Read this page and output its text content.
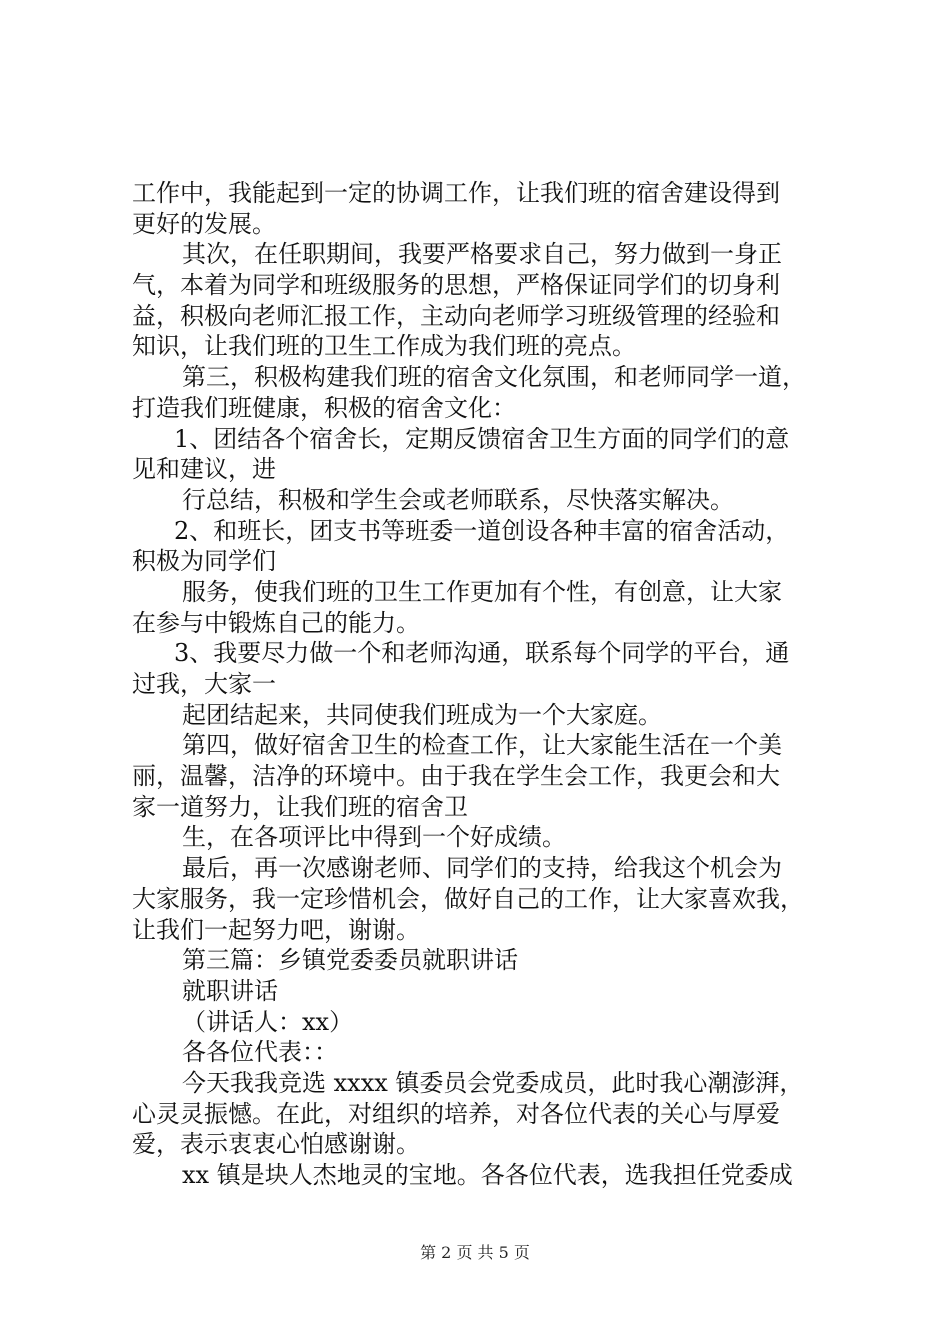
工作中，我能起到一定的协调工作，让我们班的宿舍建设得到
更好的发展。
其次，在任职期间，我要严格要求自己，努力做到一身正
气，本着为同学和班级服务的思想，严格保证同学们的切身利
益，积极向老师汇报工作，主动向老师学习班级管理的经验和
知识，让我们班的卫生工作成为我们班的亮点。
第三，积极构建我们班的宿舍文化氛围，和老师同学一道，
打造我们班健康，积极的宿舍文化：
1、团结各个宿舍长，定期反馈宿舍卫生方面的同学们的意
见和建议，进
行总结，积极和学生会或老师联系，尽快落实解决。
2、和班长，团支书等班委一道创设各种丰富的宿舍活动，
积极为同学们
服务，使我们班的卫生工作更加有个性，有创意，让大家
在参与中锻炼自己的能力。
3、我要尽力做一个和老师沟通，联系每个同学的平台，通
过我，大家一
起团结起来，共同使我们班成为一个大家庭。
第四，做好宿舍卫生的检查工作，让大家能生活在一个美
丽，温馨，洁净的环境中。由于我在学生会工作，我更会和大
家一道努力，让我们班的宿舍卫
生，在各项评比中得到一个好成绩。
最后，再一次感谢老师、同学们的支持，给我这个机会为
大家服务，我一定珍惜机会，做好自己的工作，让大家喜欢我，
让我们一起努力吧，谢谢。
第三篇：乡镇党委委员就职讲话
就职讲话
（讲话人：xx）
各各位代表：：
今天我我竞选 xxxx 镇委员会党委成员，此时我心潮澎湃，
心灵灵振憾。在此，对组织的培养，对各位代表的关心与厚爱
爱，表示衷衷心怕感谢谢。
xx 镇是块人杰地灵的宝地。各各位代表，选我担任党委成
第 2 页 共 5 页
